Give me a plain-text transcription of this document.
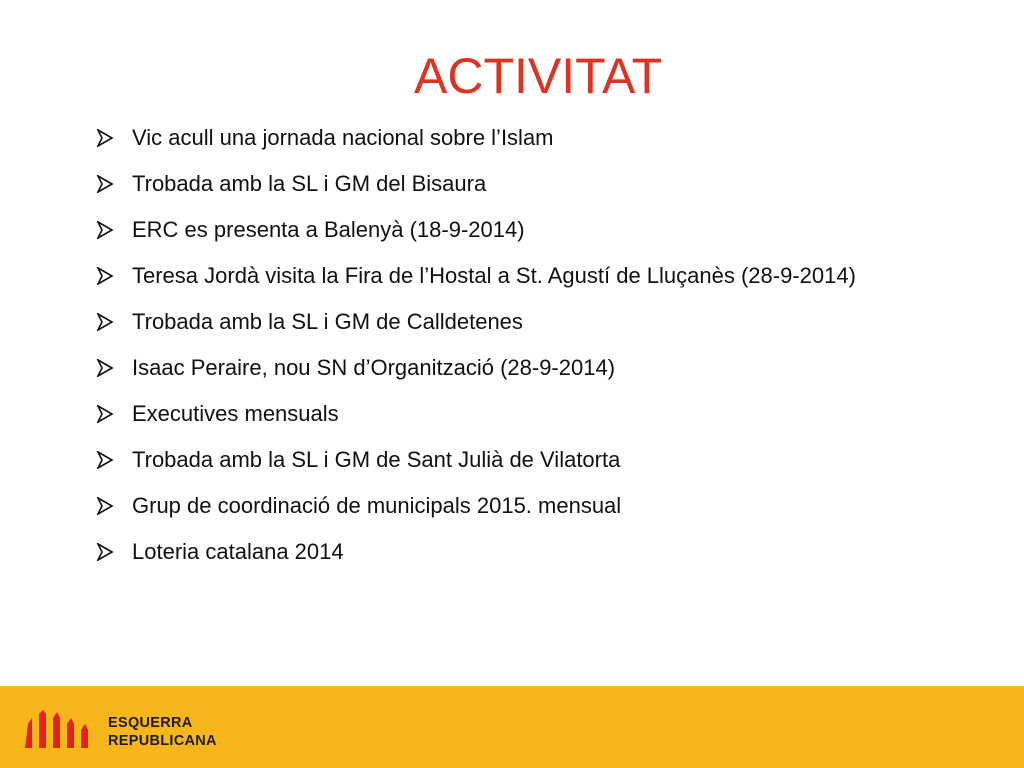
ACTIVITAT
Vic acull una jornada nacional sobre l’Islam
Trobada amb la SL i GM del Bisaura
ERC es presenta a Balenyà (18-9-2014)
Teresa Jordà visita la Fira de l’Hostal a St. Agustí de Lluçanès (28-9-2014)
Trobada amb la SL i GM de Calldetenes
Isaac Peraire, nou SN d’Organització (28-9-2014)
Executives mensuals
Trobada amb la SL i GM de Sant Julià de Vilatorta
Grup de coordinació de municipals 2015. mensual
Loteria catalana 2014
ESQUERRA
REPUBLICANA
